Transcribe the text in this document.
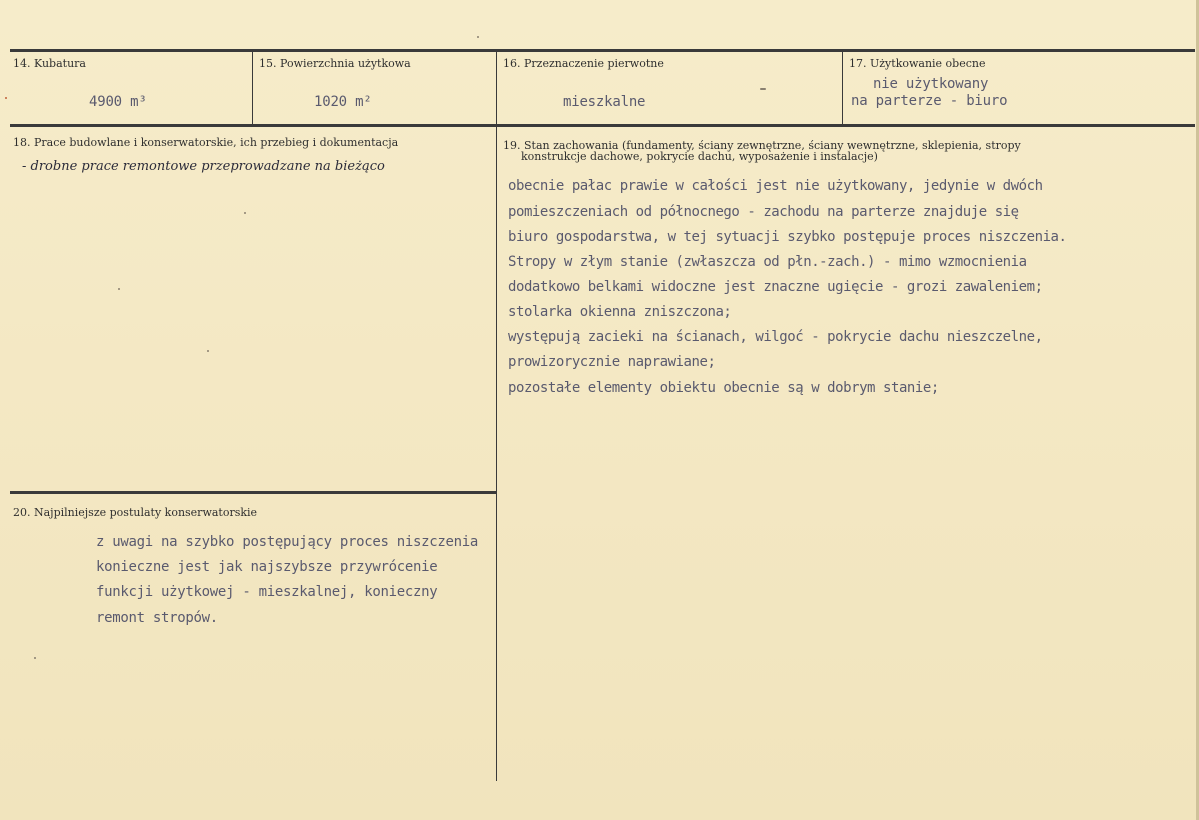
14. Kubatura
4900 m³
15. Powierzchnia użytkowa
1020 m²
16. Przeznaczenie pierwotne
mieszkalne
17. Użytkowanie obecne
nie użytkowany
na parterze - biuro
18. Prace budowlane i konserwatorskie, ich przebieg i dokumentacja
- drobne prace remontowe przeprowadzane na bieżąco
19. Stan zachowania (fundamenty, ściany zewnętrzne, ściany wewnętrzne, sklepienia, stropy
konstrukcje dachowe, pokrycie dachu, wyposażenie i instalacje)
obecnie pałac prawie w całości jest nie użytkowany, jedynie w dwóch
pomieszczeniach od północnego - zachodu na parterze znajduje się
biuro gospodarstwa, w tej sytuacji szybko postępuje proces niszczenia.
Stropy w złym stanie (zwłaszcza od płn.-zach.) - mimo wzmocnienia
dodatkowo belkami widoczne jest znaczne ugięcie - grozi zawaleniem;
stolarka okienna zniszczona;
występują zacieki na ścianach, wilgoć - pokrycie dachu nieszczelne,
prowizorycznie naprawiane;
pozostałe elementy obiektu obecnie są w dobrym stanie;
20. Najpilniejsze postulaty konserwatorskie
z uwagi na szybko postępujący proces niszczenia
konieczne jest jak najszybsze przywrócenie
funkcji użytkowej - mieszkalnej, konieczny
remont stropów.
